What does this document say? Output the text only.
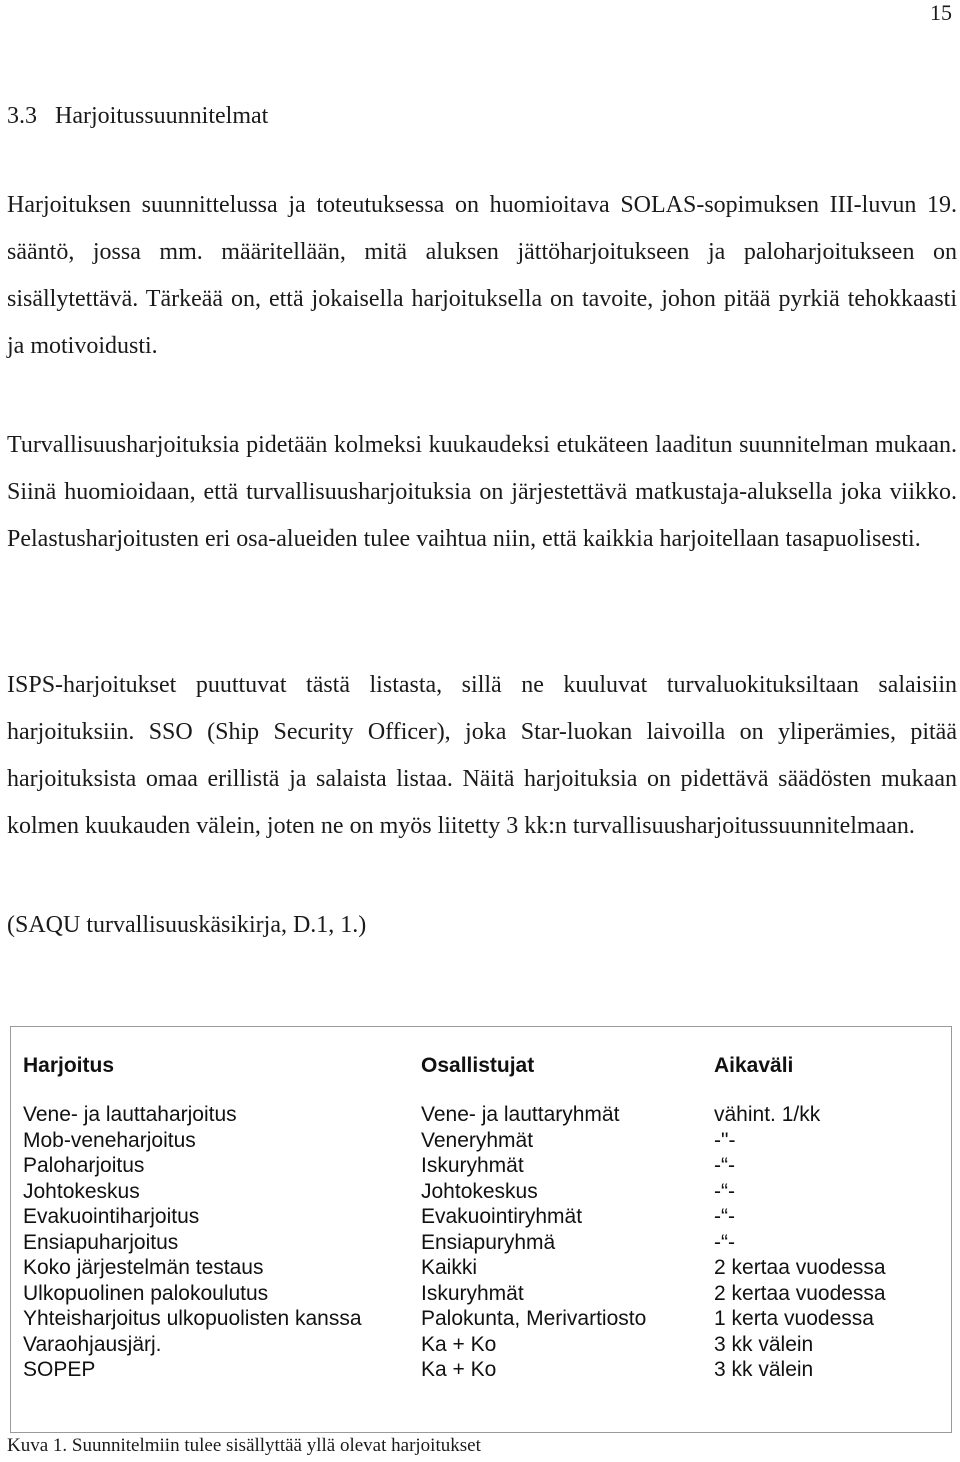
15
3.3 Harjoitussuunnitelmat

Harjoituksen suunnittelussa ja toteutuksessa on huomioitava SOLAS-sopimuksen III-luvun 19. sääntö, jossa mm. määritellään, mitä aluksen jättöharjoitukseen ja paloharjoitukseen on sisällytettävä. Tärkeää on, että jokaisella harjoituksella on tavoite, johon pitää pyrkiä tehokkaasti ja motivoidusti.

Turvallisuusharjoituksia pidetään kolmeksi kuukaudeksi etukäteen laaditun suunnitelman mukaan. Siinä huomioidaan, että turvallisuusharjoituksia on järjestettävä matkustaja-aluksella joka viikko. Pelastusharjoitusten eri osa-alueiden tulee vaihtua niin, että kaikkia harjoitellaan tasapuolisesti.

ISPS-harjoitukset puuttuvat tästä listasta, sillä ne kuuluvat turvaluokituksiltaan salaisiin harjoituksiin. SSO (Ship Security Officer), joka Star-luokan laivoilla on yliperämies, pitää harjoituksista omaa erillistä ja salaista listaa. Näitä harjoituksia on pidettävä säädösten mukaan kolmen kuukauden välein, joten ne on myös liitetty 3 kk:n turvallisuusharjoitussuunnitelmaan.

(SAQU turvallisuuskäsikirja, D.1, 1.)

Harjoitus
Vene- ja lauttaharjoitus
Mob-veneharjoitus
Paloharjoitus
Johtokeskus
Evakuointiharjoitus
Ensiapuharjoitus
Koko järjestelmän testaus
Ulkopuolinen palokoulutus
Yhteisharjoitus ulkopuolisten kanssa
Varaohjausjärj.
SOPEP
Osallistujat
Vene- ja lauttaryhmät
Veneryhmät
Iskuryhmät
Johtokeskus
Evakuointiryhmät
Ensiapuryhmä
Kaikki
Iskuryhmät
Palokunta, Merivartiosto
Ka + Ko
Ka + Ko
Aikaväli
vähint. 1/kk
-"-
-“-
-“-
-“-
-“-
2 kertaa vuodessa
2 kertaa vuodessa
1 kerta vuodessa
3 kk välein
3 kk välein

Kuva 1. Suunnitelmiin tulee sisällyttää yllä olevat harjoitukset
